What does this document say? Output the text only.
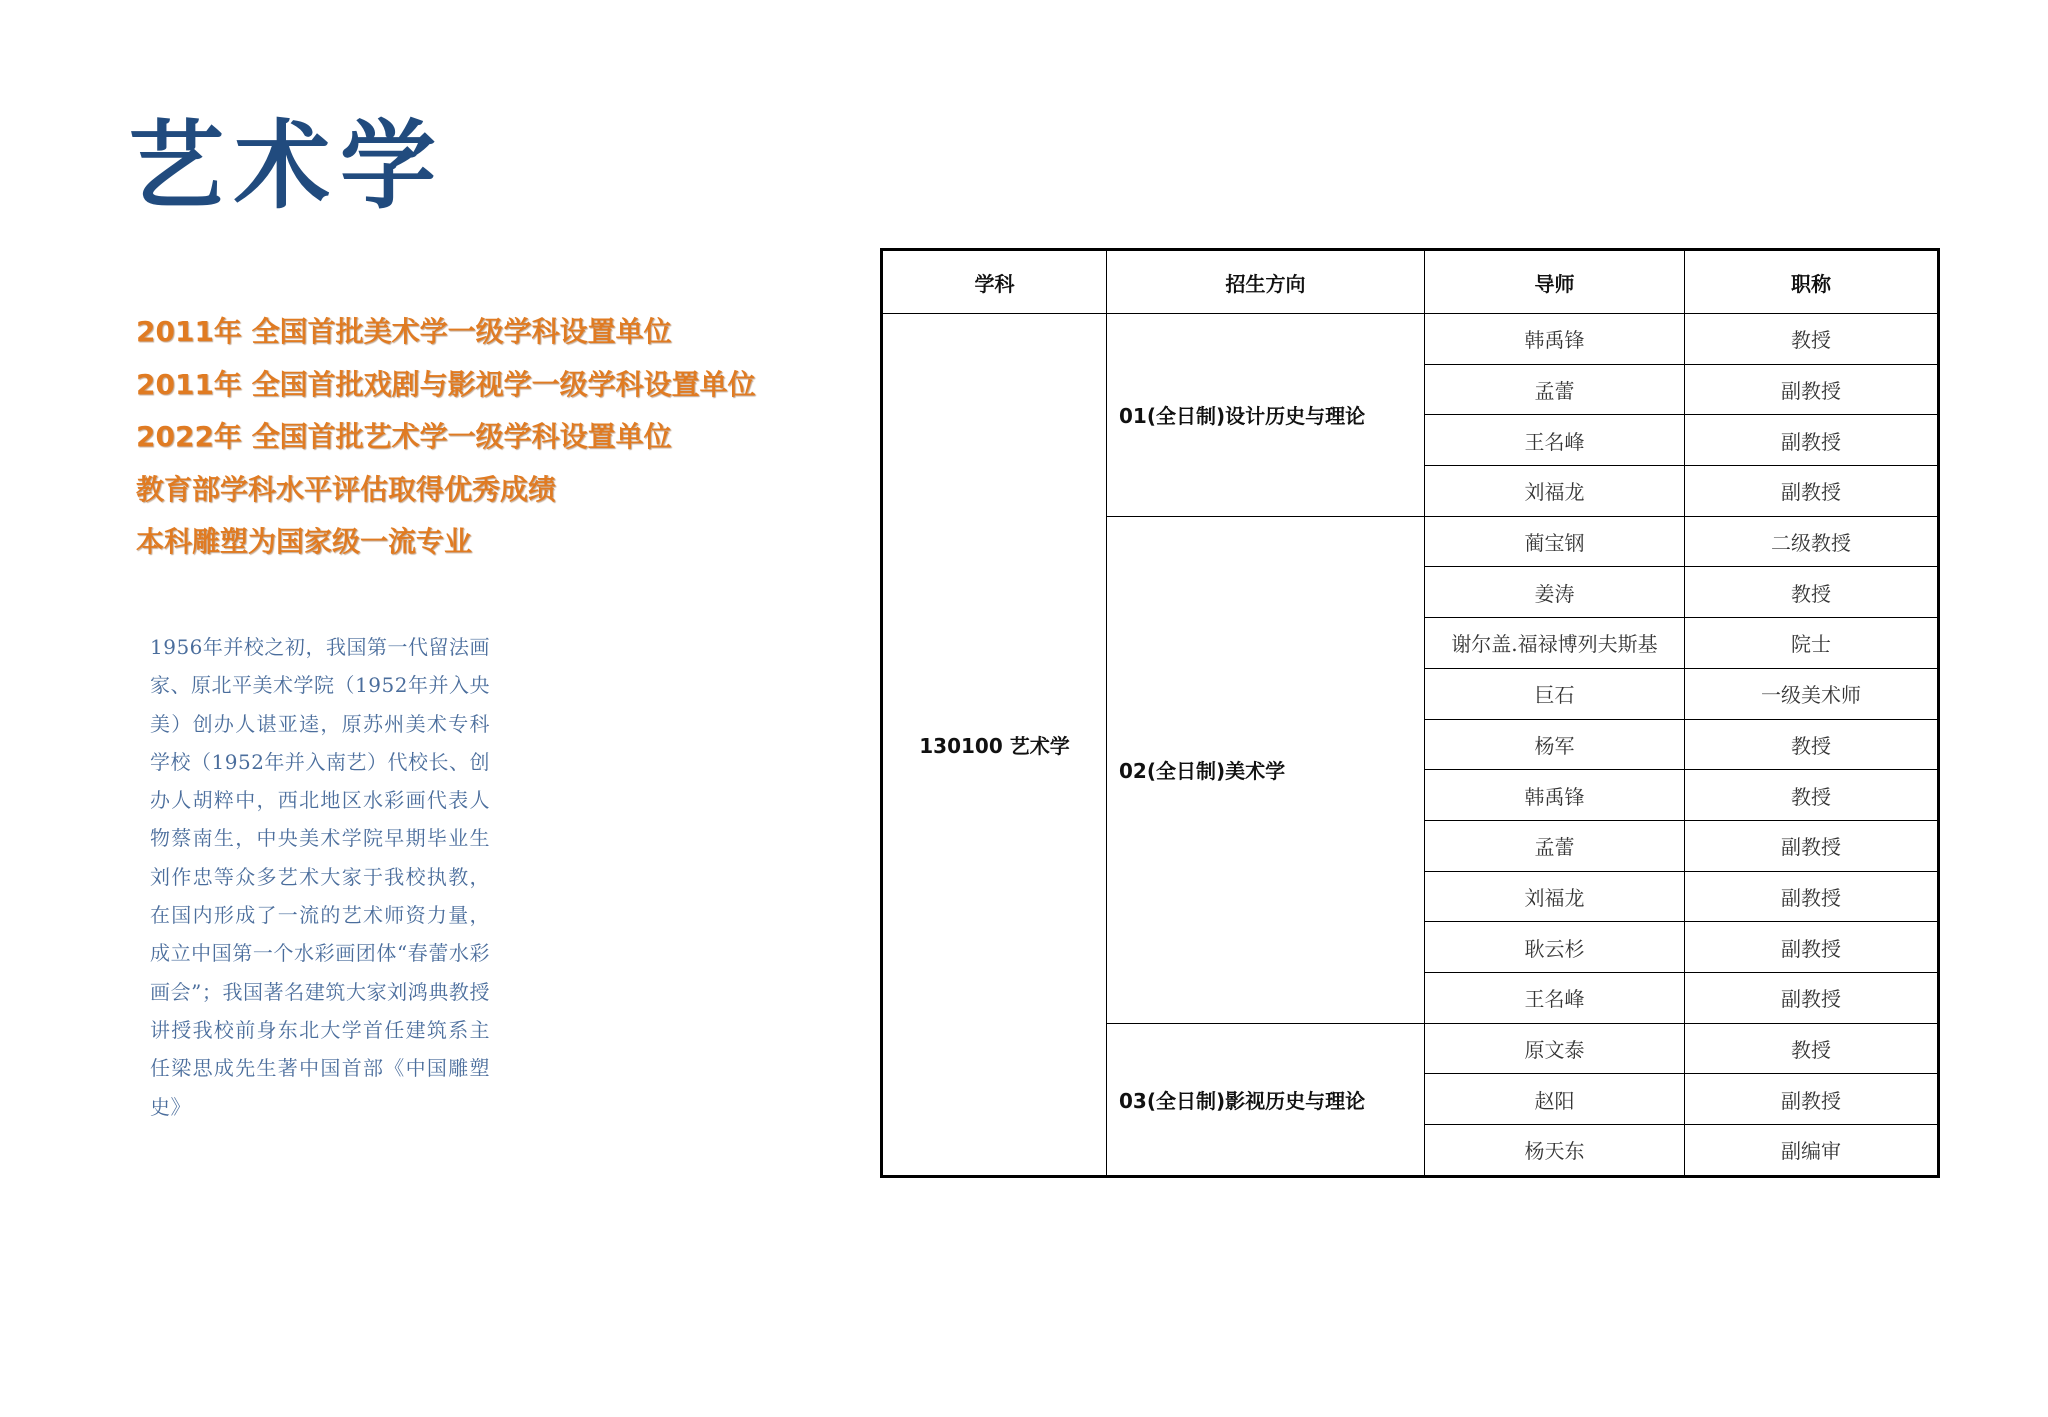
艺术学
2011年 全国首批美术学一级学科设置单位
2011年 全国首批戏剧与影视学一级学科设置单位
2022年 全国首批艺术学一级学科设置单位
教育部学科水平评估取得优秀成绩
本科雕塑为国家级一流专业

1956年并校之初，我国第一代留法画家、原北平美术学院（1952年并入央美）创办人谌亚逵，原苏州美术专科学校（1952年并入南艺）代校长、创办人胡粹中，西北地区水彩画代表人物蔡南生，中央美术学院早期毕业生刘作忠等众多艺术大家于我校执教，在国内形成了一流的艺术师资力量，成立中国第一个水彩画团体“春蕾水彩画会”；我国著名建筑大家刘鸿典教授讲授我校前身东北大学首任建筑系主任梁思成先生著中国首部《中国雕塑史》

学科	招生方向	导师	职称
130100 艺术学	01(全日制)设计历史与理论	韩禹锋	教授
		孟蕾	副教授
		王名峰	副教授
		刘福龙	副教授
	02(全日制)美术学	蔺宝钢	二级教授
		姜涛	教授
		谢尔盖.福禄博列夫斯基	院士
		巨石	一级美术师
		杨军	教授
		韩禹锋	教授
		孟蕾	副教授
		刘福龙	副教授
		耿云杉	副教授
		王名峰	副教授
	03(全日制)影视历史与理论	原文泰	教授
		赵阳	副教授
		杨天东	副编审
